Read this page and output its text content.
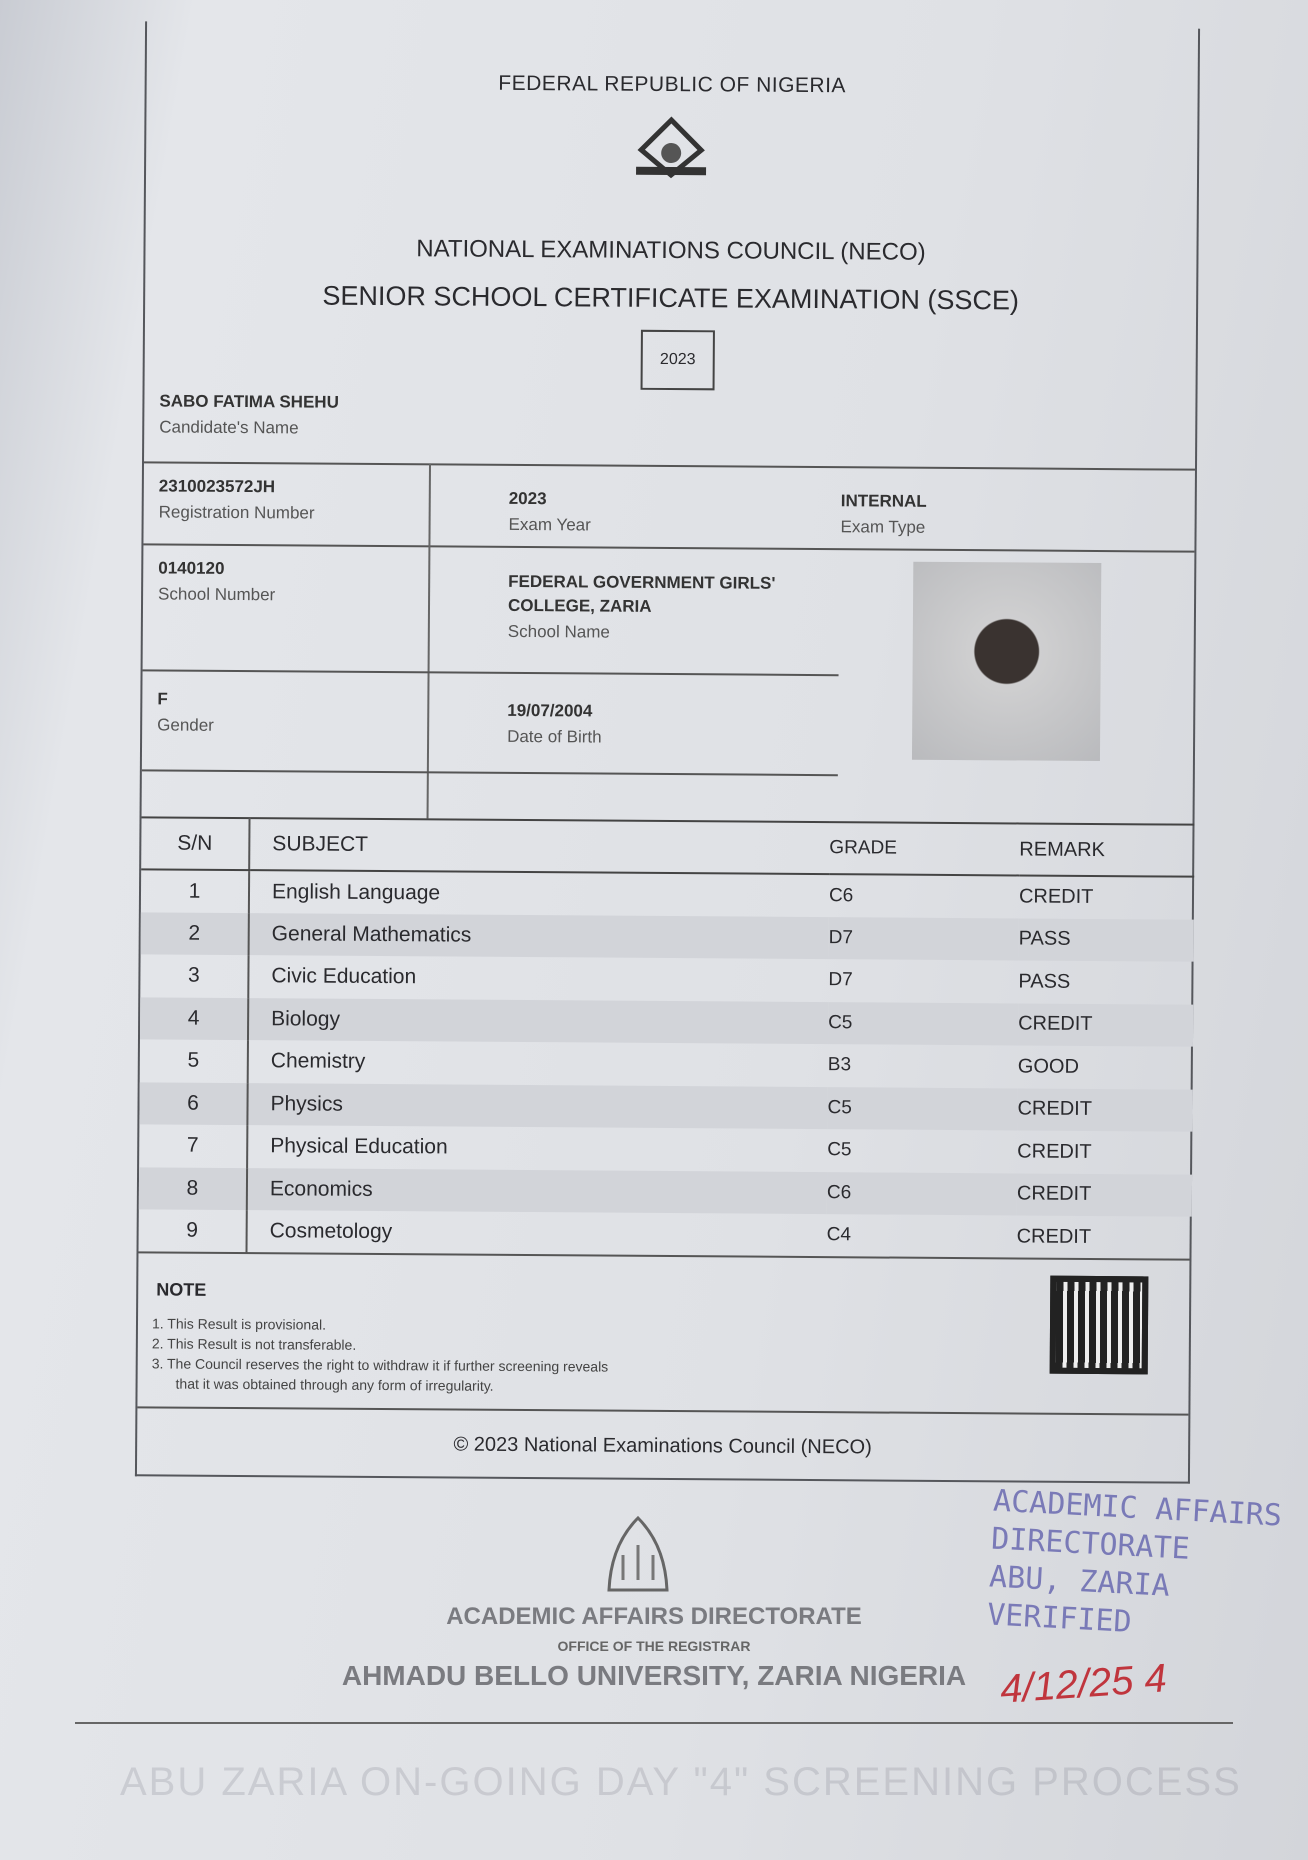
FEDERAL REPUBLIC OF NIGERIA
NATIONAL EXAMINATIONS COUNCIL (NECO)
SENIOR SCHOOL CERTIFICATE EXAMINATION (SSCE)
2023
SABO FATIMA SHEHU
Candidate's Name
2310023572JH
Registration Number
2023
Exam Year
INTERNAL
Exam Type
0140120
School Number
FEDERAL GOVERNMENT GIRLS'
COLLEGE, ZARIA
School Name
F
Gender
19/07/2004
Date of Birth
S/N	SUBJECT	GRADE	REMARK
1	English Language	C6	CREDIT
2	General Mathematics	D7	PASS
3	Civic Education	D7	PASS
4	Biology	C5	CREDIT
5	Chemistry	B3	GOOD
6	Physics	C5	CREDIT
7	Physical Education	C5	CREDIT
8	Economics	C6	CREDIT
9	Cosmetology	C4	CREDIT
NOTE
1. This Result is provisional.
2. This Result is not transferable.
3. The Council reserves the right to withdraw it if further screening reveals
that it was obtained through any form of irregularity.
© 2023 National Examinations Council (NECO)
ACADEMIC AFFAIRS DIRECTORATE
OFFICE OF THE REGISTRAR
AHMADU BELLO UNIVERSITY, ZARIA NIGERIA
ABU ZARIA ON-GOING DAY "4" SCREENING PROCESS
ACADEMIC AFFAIRS
DIRECTORATE
ABU, ZARIA
VERIFIED
4/12/25 4
